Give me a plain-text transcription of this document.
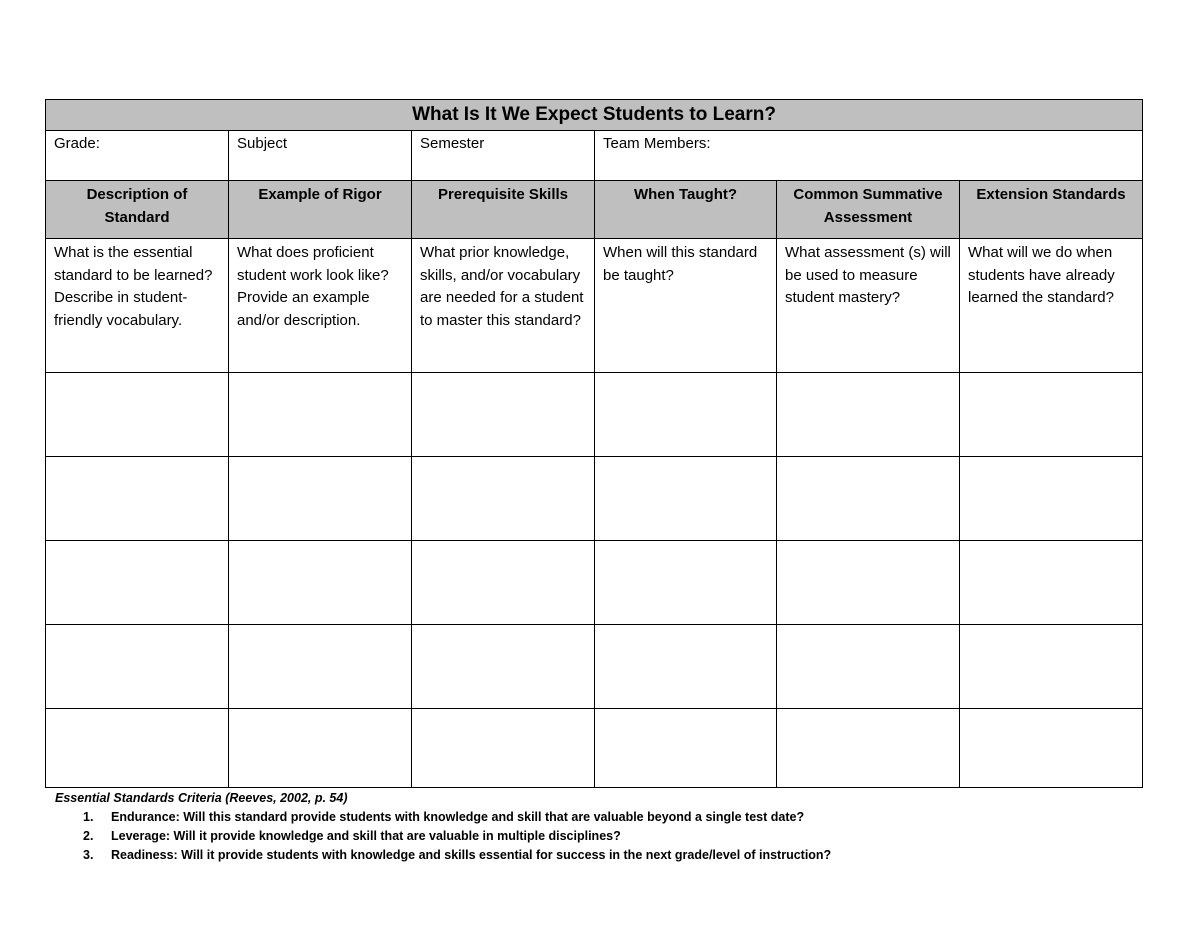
What Is It We Expect Students to Learn?					
Grade:	Subject	Semester	Team Members:		
Description of Standard	Example of Rigor	Prerequisite Skills	When Taught?	Common Summative Assessment	Extension Standards
What is the essential standard to be learned? Describe in student-friendly vocabulary.	What does proficient student work look like? Provide an example and/or description.	What prior knowledge, skills, and/or vocabulary are needed for a student to master this standard?	When will this standard be taught?	What assessment (s) will be used to measure student mastery?	What will we do when students have already learned the standard?

Essential Standards Criteria (Reeves, 2002, p. 54)
1. Endurance: Will this standard provide students with knowledge and skill that are valuable beyond a single test date?
2. Leverage: Will it provide knowledge and skill that are valuable in multiple disciplines?
3. Readiness: Will it provide students with knowledge and skills essential for success in the next grade/level of instruction?
